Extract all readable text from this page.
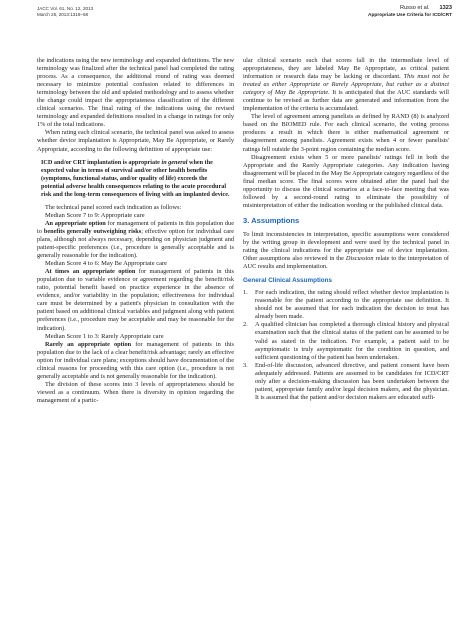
JACC Vol. 61, No. 12, 2013
March 26, 2013:1318–68
Russo et al. 1323
Appropriate Use Criteria for ICD/CRT

the indications using the new terminology and expanded definitions. The new terminology was finalized after the technical panel had completed the rating process. As a consequence, the additional round of rating was deemed necessary to minimize potential confusion related to differences in terminology between the old and updated methodology and to assess whether the change could impact the appropriateness classification of the different clinical scenarios. The final rating of the indications using the revised terminology and expanded definitions resulted in a change in ratings for only 1% of the total indications.

When rating each clinical scenario, the technical panel was asked to assess whether device implantation is Appropriate, May Be Appropriate, or Rarely Appropriate, according to the following definition of appropriate use:

ICD and/or CRT implantation is appropriate in general when the expected value in terms of survival and/or other health benefits (symptoms, functional status, and/or quality of life) exceeds the potential adverse health consequences relating to the acute procedural risk and the long-term consequences of living with an implanted device.

The technical panel scored each indication as follows:

Median Score 7 to 9: Appropriate care

An appropriate option for management of patients in this population due to benefits generally outweighing risks; effective option for individual care plans, although not always necessary, depending on physician judgment and patient-specific preferences (i.e., procedure is generally acceptable and is generally reasonable for the indication).

Median Score 4 to 6: May Be Appropriate care

At times an appropriate option for management of patients in this population due to variable evidence or agreement regarding the benefit/risk ratio, potential benefit based on practice experience in the absence of evidence, and/or variability in the population; effectiveness for individual care must be determined by a patient's physician in consultation with the patient based on additional clinical variables and judgment along with patient preferences (i.e., procedure may be acceptable and may be reasonable for the indication).

Median Score 1 to 3: Rarely Appropriate care

Rarely an appropriate option for management of patients in this population due to the lack of a clear benefit/risk advantage; rarely an effective option for individual care plans; exceptions should have documentation of the clinical reasons for proceeding with this care option (i.e., procedure is not generally acceptable and is not generally reasonable for the indication).

The division of these scores into 3 levels of appropriateness should be viewed as a continuum. When there is diversity in opinion regarding the management of a partic-

ular clinical scenario such that scores fall in the intermediate level of appropriateness, they are labeled May Be Appropriate, as critical patient information or research data may be lacking or discordant. This must not be treated as either Appropriate or Rarely Appropriate, but rather as a distinct category of May Be Appropriate. It is anticipated that the AUC standards will continue to be revised as further data are generated and information from the implementation of the criteria is accumulated.

The level of agreement among panelists as defined by RAND (8) is analyzed based on the BIOMED rule. For each clinical scenario, the voting process produces a result in which there is either mathematical agreement or disagreement among panelists. Agreement exists when 4 or fewer panelists' ratings fell outside the 3-point region containing the median score.

Disagreement exists when 5 or more panelists' ratings fell in both the Appropriate and the Rarely Appropriate categories. Any indication having disagreement will be placed in the May Be Appropriate category regardless of the final median score. The final scores were obtained after the panel had the opportunity to discuss the clinical scenarios at a face-to-face meeting that was followed by a second-round rating to eliminate the possibility of misinterpretation of either the indication wording or the published clinical data.

3. Assumptions

To limit inconsistencies in interpretation, specific assumptions were considered by the writing group in development and were used by the technical panel in rating the clinical indications for the appropriate use of device implantation. Other assumptions also reviewed in the Discussion relate to the interpretation of AUC results and implementation.

General Clinical Assumptions
1.	For each indication, the rating should reflect whether device implantation is reasonable for the patient according to the appropriate use definition. It should not be assumed that for each indication the decision to treat has already been made.
2.	A qualified clinician has completed a thorough clinical history and physical examination such that the clinical status of the patient can be assumed to be valid as stated in the indication. For example, a patient said to be asymptomatic is truly asymptomatic for the condition in question, and sufficient questioning of the patient has been undertaken.
3.	End-of-life discussion, advanced directive, and patient consent have been adequately addressed. Patients are assumed to be candidates for ICD/CRT only after a decision-making discussion has been undertaken between the patient, appropriate family and/or legal decision makers, and the physician. It is assumed that the patient and/or decision makers are educated suffi-
